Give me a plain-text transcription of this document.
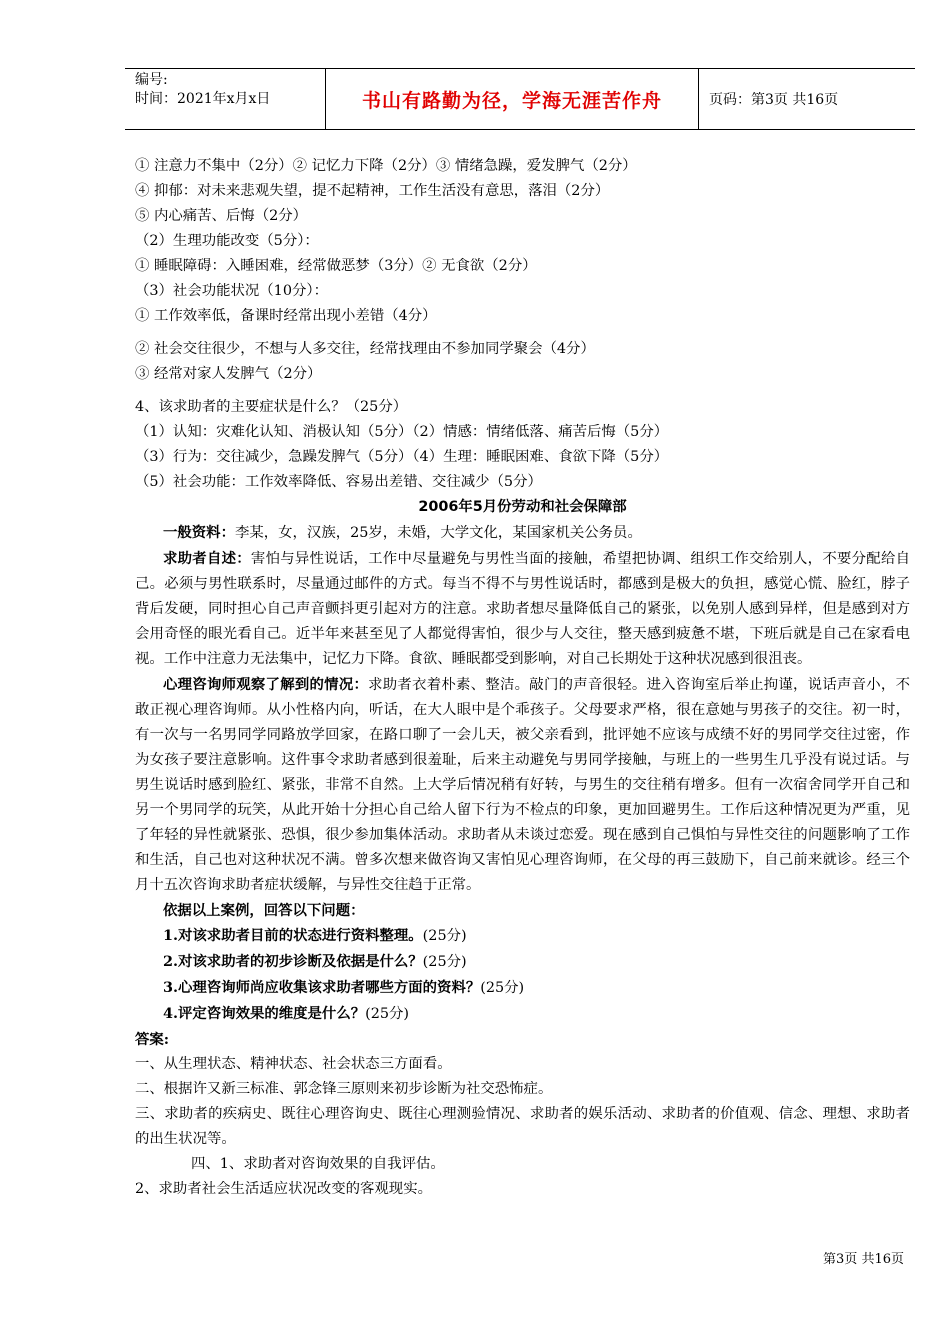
编号:
时间：2021年x月x日	书山有路勤为径，学海无涯苦作舟	页码：第3页 共16页

① 注意力不集中（2分）② 记忆力下降（2分）③ 情绪急躁，爱发脾气（2分）

④ 抑郁：对未来悲观失望，提不起精神，工作生活没有意思，落泪（2分）

⑤ 内心痛苦、后悔（2分）

（2）生理功能改变（5分）：

① 睡眠障碍：入睡困难，经常做恶梦（3分）② 无食欲（2分）

（3）社会功能状况（10分）：

① 工作效率低，备课时经常出现小差错（4分）

② 社会交往很少，不想与人多交往，经常找理由不参加同学聚会（4分）

③ 经常对家人发脾气（2分）

4、该求助者的主要症状是什么？（25分）

（1）认知：灾难化认知、消极认知（5分）（2）情感：情绪低落、痛苦后悔（5分）

（3）行为：交往减少，急躁发脾气（5分）（4）生理：睡眠困难、食欲下降（5分）

（5）社会功能：工作效率降低、容易出差错、交往减少（5分）

2006年5月份劳动和社会保障部

一般资料：李某，女，汉族，25岁，未婚，大学文化，某国家机关公务员。

求助者自述：害怕与异性说话，工作中尽量避免与男性当面的接触，希望把协调、组织工作交给别人，不要分配给自己。必须与男性联系时，尽量通过邮件的方式。每当不得不与男性说话时，都感到是极大的负担，感觉心慌、脸红，脖子背后发硬，同时担心自己声音颤抖更引起对方的注意。求助者想尽量降低自己的紧张，以免别人感到异样，但是感到对方会用奇怪的眼光看自己。近半年来甚至见了人都觉得害怕，很少与人交往，整天感到疲惫不堪，下班后就是自己在家看电视。工作中注意力无法集中，记忆力下降。食欲、睡眠都受到影响，对自己长期处于这种状况感到很沮丧。

心理咨询师观察了解到的情况：求助者衣着朴素、整洁。敲门的声音很轻。进入咨询室后举止拘谨，说话声音小，不敢正视心理咨询师。从小性格内向，听话，在大人眼中是个乖孩子。父母要求严格，很在意她与男孩子的交往。初一时，有一次与一名男同学同路放学回家，在路口聊了一会儿天，被父亲看到，批评她不应该与成绩不好的男同学交往过密，作为女孩子要注意影响。这件事令求助者感到很羞耻，后来主动避免与男同学接触，与班上的一些男生几乎没有说过话。与男生说话时感到脸红、紧张，非常不自然。上大学后情况稍有好转，与男生的交往稍有增多。但有一次宿舍同学开自己和另一个男同学的玩笑，从此开始十分担心自己给人留下行为不检点的印象，更加回避男生。工作后这种情况更为严重，见了年轻的异性就紧张、恐惧，很少参加集体活动。求助者从未谈过恋爱。现在感到自己惧怕与异性交往的问题影响了工作和生活，自己也对这种状况不满。曾多次想来做咨询又害怕见心理咨询师，在父母的再三鼓励下，自己前来就诊。经三个月十五次咨询求助者症状缓解，与异性交往趋于正常。

依据以上案例，回答以下问题：

1.对该求助者目前的状态进行资料整理。(25分)

2.对该求助者的初步诊断及依据是什么？(25分)

3.心理咨询师尚应收集该求助者哪些方面的资料？(25分)

4.评定咨询效果的维度是什么？(25分)

答案:

一、从生理状态、精神状态、社会状态三方面看。

二、根据许又新三标准、郭念锋三原则来初步诊断为社交恐怖症。

三、求助者的疾病史、既往心理咨询史、既往心理测验情况、求助者的娱乐活动、求助者的价值观、信念、理想、求助者的出生状况等。

四、1、求助者对咨询效果的自我评估。

2、求助者社会生活适应状况改变的客观现实。

第3页 共16页
